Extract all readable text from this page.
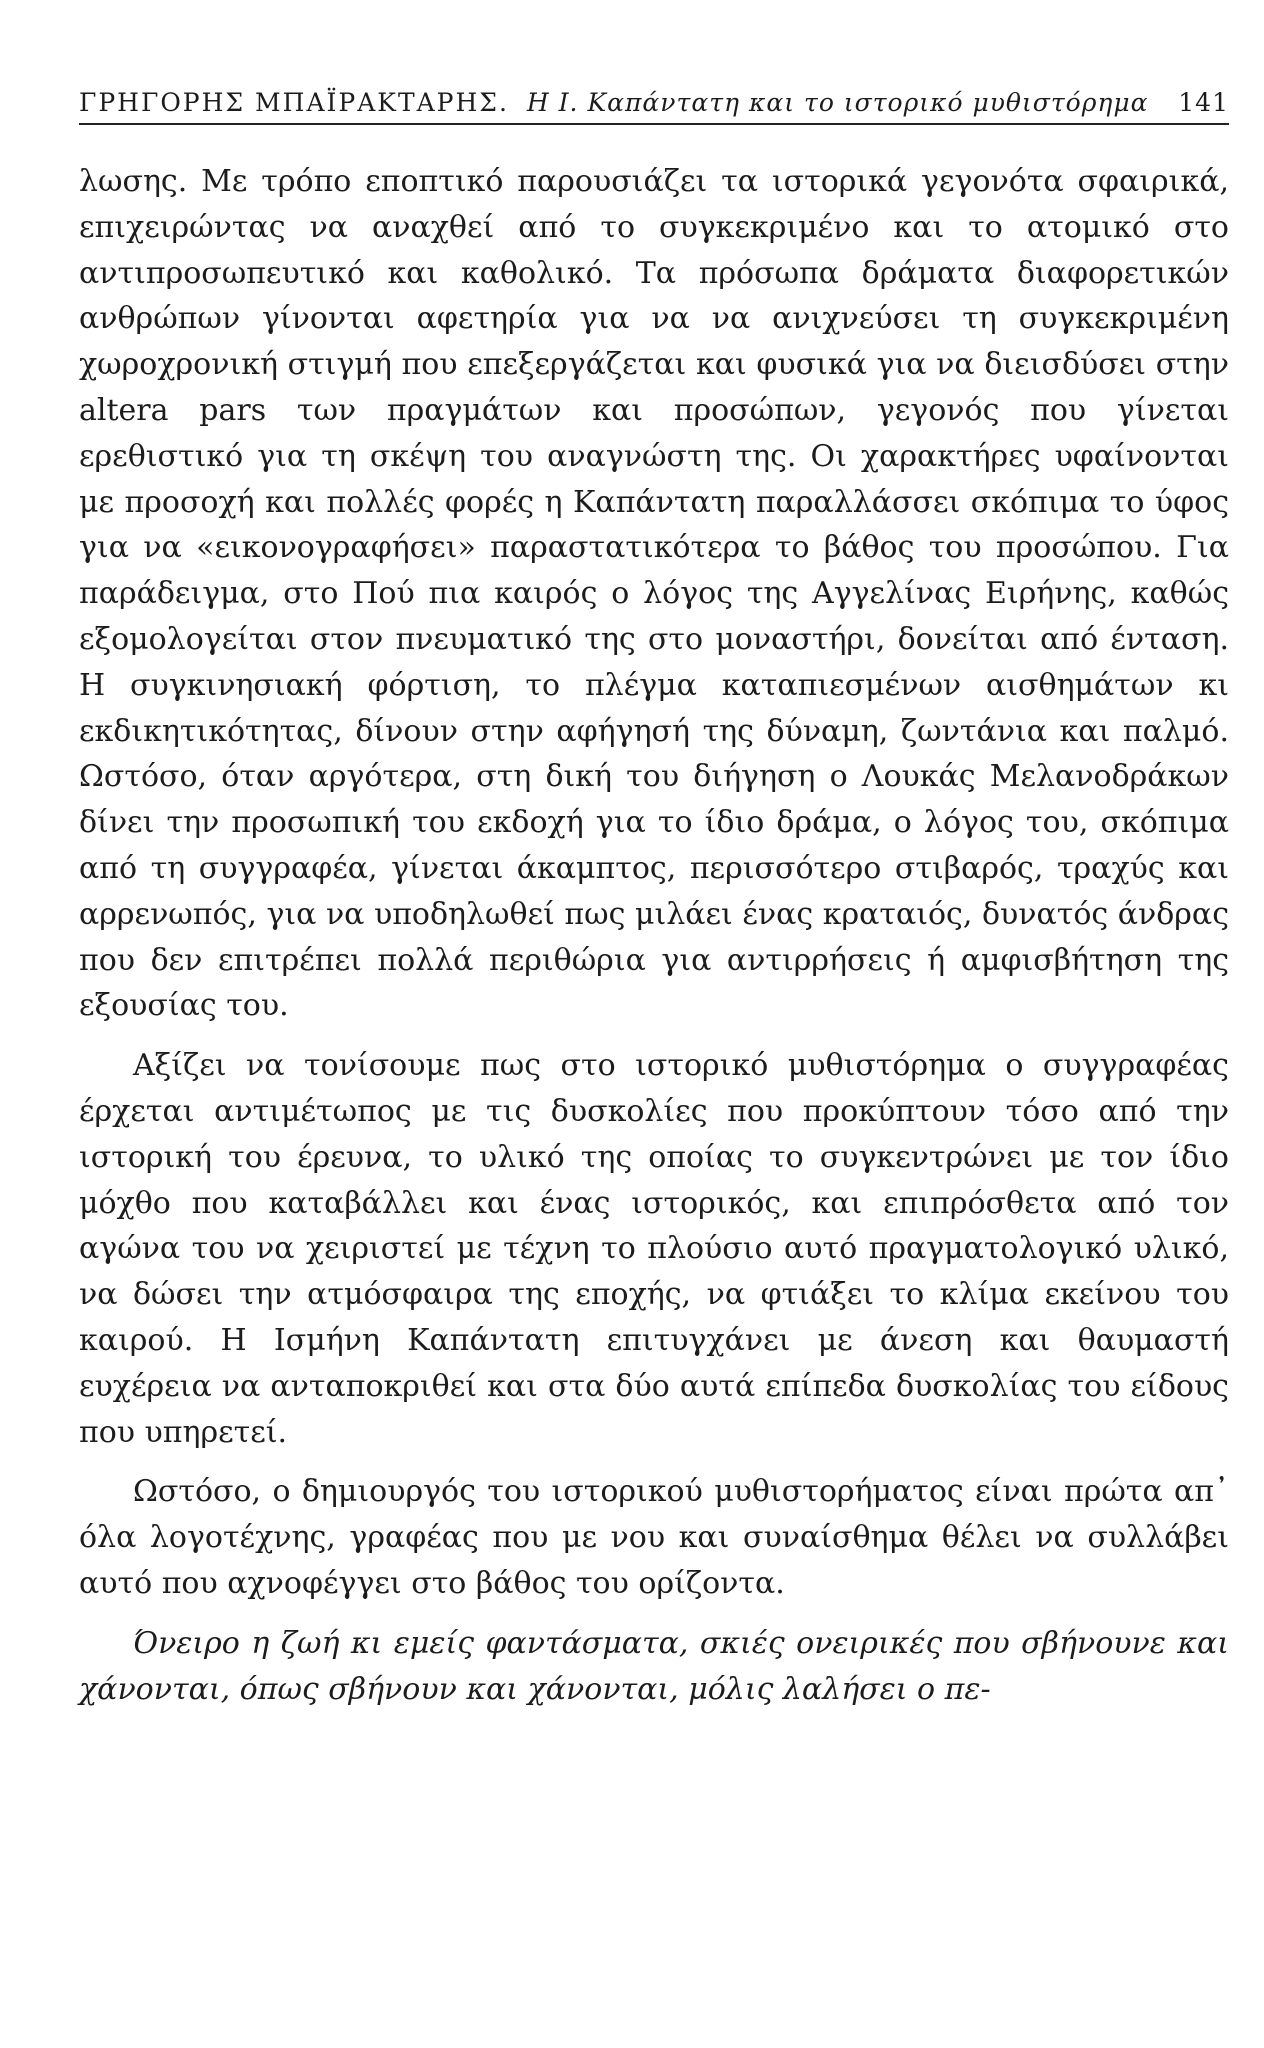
ΓΡΗΓΟΡΗΣ ΜΠΑΪΡΑΚΤΑΡΗΣ. Η Ι. Καπάντατη και το ιστορικό μυθιστόρημα	141

λωσης. Με τρόπο εποπτικό παρουσιάζει τα ιστορικά γεγονότα σφαιρικά, επιχειρώντας να αναχθεί από το συγκεκριμένο και το ατομικό στο αντιπροσωπευτικό και καθολικό. Τα πρόσωπα δράματα διαφορετικών ανθρώπων γίνονται αφετηρία για να να ανιχνεύσει τη συγκεκριμένη χωροχρονική στιγμή που επεξεργάζεται και φυσικά για να διεισδύσει στην altera pars των πραγμάτων και προσώπων, γεγονός που γίνεται ερεθιστικό για τη σκέψη του αναγνώστη της. Οι χαρακτήρες υφαίνονται με προσοχή και πολλές φορές η Καπάντατη παραλλάσσει σκόπιμα το ύφος για να «εικονογραφήσει» παραστατικότερα το βάθος του προσώπου. Για παράδειγμα, στο Πού πια καιρός ο λόγος της Αγγελίνας Ειρήνης, καθώς εξομολογείται στον πνευματικό της στο μοναστήρι, δονείται από ένταση. Η συγκινησιακή φόρτιση, το πλέγμα καταπιεσμένων αισθημάτων κι εκδικητικότητας, δίνουν στην αφήγησή της δύναμη, ζωντάνια και παλμό. Ωστόσο, όταν αργότερα, στη δική του διήγηση ο Λουκάς Μελανοδράκων δίνει την προσωπική του εκδοχή για το ίδιο δράμα, ο λόγος του, σκόπιμα από τη συγγραφέα, γίνεται άκαμπτος, περισσότερο στιβαρός, τραχύς και αρρενωπός, για να υποδηλωθεί πως μιλάει ένας κραταιός, δυνατός άνδρας που δεν επιτρέπει πολλά περιθώρια για αντιρρήσεις ή αμφισβήτηση της εξουσίας του.

Αξίζει να τονίσουμε πως στο ιστορικό μυθιστόρημα ο συγγραφέας έρχεται αντιμέτωπος με τις δυσκολίες που προκύπτουν τόσο από την ιστορική του έρευνα, το υλικό της οποίας το συγκεντρώνει με τον ίδιο μόχθο που καταβάλλει και ένας ιστορικός, και επιπρόσθετα από τον αγώνα του να χειριστεί με τέχνη το πλούσιο αυτό πραγματολογικό υλικό, να δώσει την ατμόσφαιρα της εποχής, να φτιάξει το κλίμα εκείνου του καιρού. Η Ισμήνη Καπάντατη επιτυγχάνει με άνεση και θαυμαστή ευχέρεια να ανταποκριθεί και στα δύο αυτά επίπεδα δυσκολίας του είδους που υπηρετεί.

Ωστόσο, ο δημιουργός του ιστορικού μυθιστορήματος είναι πρώτα απ᾽ όλα λογοτέχνης, γραφέας που με νου και συναίσθημα θέλει να συλλάβει αυτό που αχνοφέγγει στο βάθος του ορίζοντα.

Όνειρο η ζωή κι εμείς φαντάσματα, σκιές ονειρικές που σβήνουνε και χάνονται, όπως σβήνουν και χάνονται, μόλις λαλήσει ο πε-
